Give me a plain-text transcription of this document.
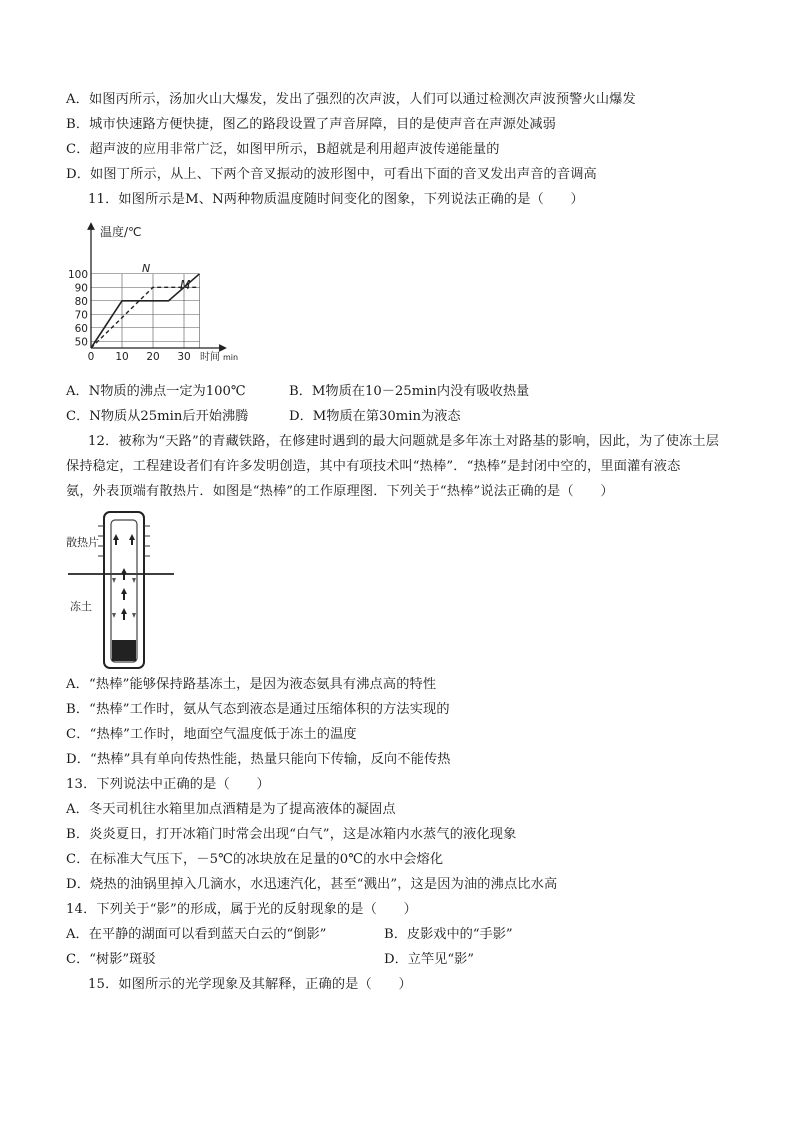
A．如图丙所示，汤加火山大爆发，发出了强烈的次声波，人们可以通过检测次声波预警火山爆发
B．城市快速路方便快捷，图乙的路段设置了声音屏障，目的是使声音在声源处减弱
C．超声波的应用非常广泛，如图甲所示，B超就是利用超声波传递能量的
D．如图丁所示，从上、下两个音叉振动的波形图中，可看出下面的音叉发出声音的音调高
11．如图所示是M、N两种物质温度随时间变化的图象，下列说法正确的是（　　）
温度/℃
时间 min
100
90
80
70
60
50
0 10 20 30
M
N
A．N物质的沸点一定为100℃	B．M物质在10－25min内没有吸收热量
C．N物质从25min后开始沸腾	D．M物质在第30min为液态
12．被称为“天路”的青藏铁路，在修建时遇到的最大问题就是多年冻土对路基的影响，因此，为了使冻土层
保持稳定，工程建设者们有许多发明创造，其中有项技术叫“热棒”．“热棒”是封闭中空的，里面灌有液态
氨，外表顶端有散热片．如图是“热棒”的工作原理图．下列关于“热棒”说法正确的是（　　）
散热片
冻土
A．“热棒”能够保持路基冻土，是因为液态氨具有沸点高的特性
B．“热棒”工作时，氨从气态到液态是通过压缩体积的方法实现的
C．“热棒”工作时，地面空气温度低于冻土的温度
D．“热棒”具有单向传热性能，热量只能向下传输，反向不能传热
13．下列说法中正确的是（　　）
A．冬天司机往水箱里加点酒精是为了提高液体的凝固点
B．炎炎夏日，打开冰箱门时常会出现“白气”，这是冰箱内水蒸气的液化现象
C．在标准大气压下，－5℃的冰块放在足量的0℃的水中会熔化
D．烧热的油锅里掉入几滴水，水迅速汽化，甚至“溅出”，这是因为油的沸点比水高
14．下列关于“影”的形成，属于光的反射现象的是（　　）
A．在平静的湖面可以看到蓝天白云的“倒影”	B．皮影戏中的“手影”
C．“树影”斑驳	D．立竿见“影”
15．如图所示的光学现象及其解释，正确的是（　　）
